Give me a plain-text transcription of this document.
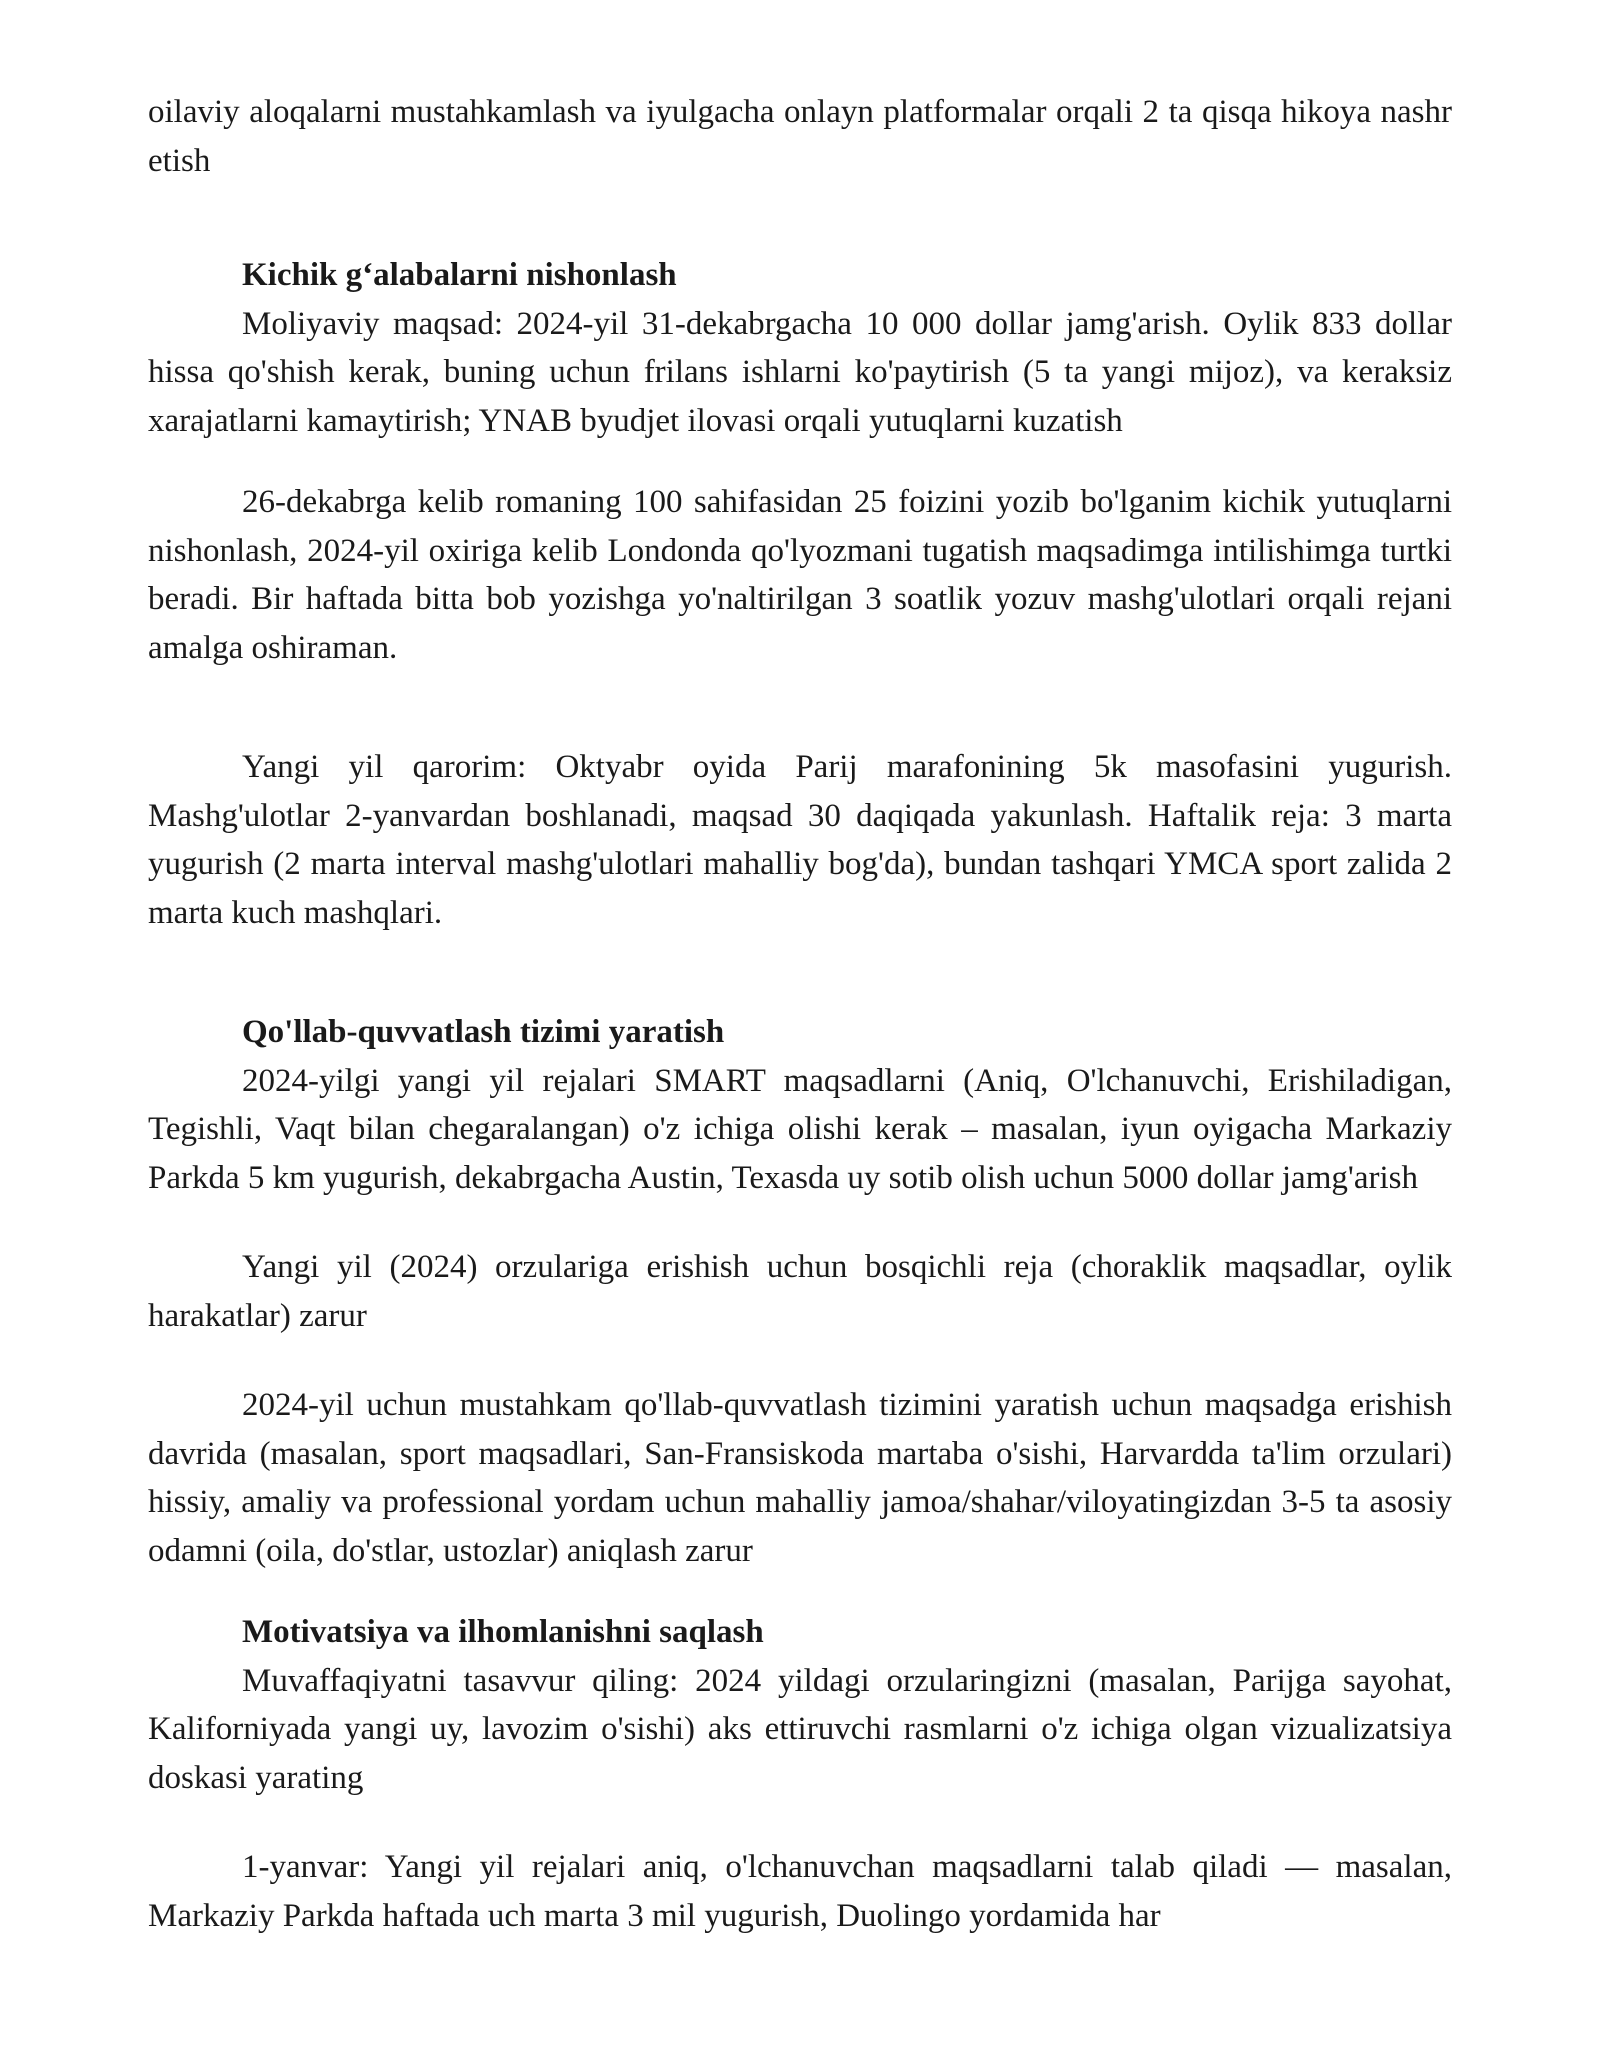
oilaviy aloqalarni mustahkamlash va iyulgacha onlayn platformalar orqali 2 ta qisqa hikoya nashr etish

Kichik g‘alabalarni nishonlash

Moliyaviy maqsad: 2024-yil 31-dekabrgacha 10 000 dollar jamg'arish. Oylik 833 dollar hissa qo'shish kerak, buning uchun frilans ishlarni ko'paytirish (5 ta yangi mijoz), va keraksiz xarajatlarni kamaytirish; YNAB byudjet ilovasi orqali yutuqlarni kuzatish

26-dekabrga kelib romaning 100 sahifasidan 25 foizini yozib bo'lganim kichik yutuqlarni nishonlash, 2024-yil oxiriga kelib Londonda qo'lyozmani tugatish maqsadimga intilishimga turtki beradi. Bir haftada bitta bob yozishga yo'naltirilgan 3 soatlik yozuv mashg'ulotlari orqali rejani amalga oshiraman.

Yangi yil qarorim: Oktyabr oyida Parij marafonining 5k masofasini yugurish. Mashg'ulotlar 2-yanvardan boshlanadi, maqsad 30 daqiqada yakunlash. Haftalik reja: 3 marta yugurish (2 marta interval mashg'ulotlari mahalliy bog'da), bundan tashqari YMCA sport zalida 2 marta kuch mashqlari.

Qo'llab-quvvatlash tizimi yaratish

2024-yilgi yangi yil rejalari SMART maqsadlarni (Aniq, O'lchanuvchi, Erishiladigan, Tegishli, Vaqt bilan chegaralangan) o'z ichiga olishi kerak – masalan, iyun oyigacha Markaziy Parkda 5 km yugurish, dekabrgacha Austin, Texasda uy sotib olish uchun 5000 dollar jamg'arish

Yangi yil (2024) orzulariga erishish uchun bosqichli reja (choraklik maqsadlar, oylik harakatlar) zarur

2024-yil uchun mustahkam qo'llab-quvvatlash tizimini yaratish uchun maqsadga erishish davrida (masalan, sport maqsadlari, San-Fransiskoda martaba o'sishi, Harvardda ta'lim orzulari) hissiy, amaliy va professional yordam uchun mahalliy jamoa/shahar/viloyatingizdan 3-5 ta asosiy odamni (oila, do'stlar, ustozlar) aniqlash zarur

Motivatsiya va ilhomlanishni saqlash

Muvaffaqiyatni tasavvur qiling: 2024 yildagi orzularingizni (masalan, Parijga sayohat, Kaliforniyada yangi uy, lavozim o'sishi) aks ettiruvchi rasmlarni o'z ichiga olgan vizualizatsiya doskasi yarating

1-yanvar: Yangi yil rejalari aniq, o'lchanuvchan maqsadlarni talab qiladi — masalan, Markaziy Parkda haftada uch marta 3 mil yugurish, Duolingo yordamida har
